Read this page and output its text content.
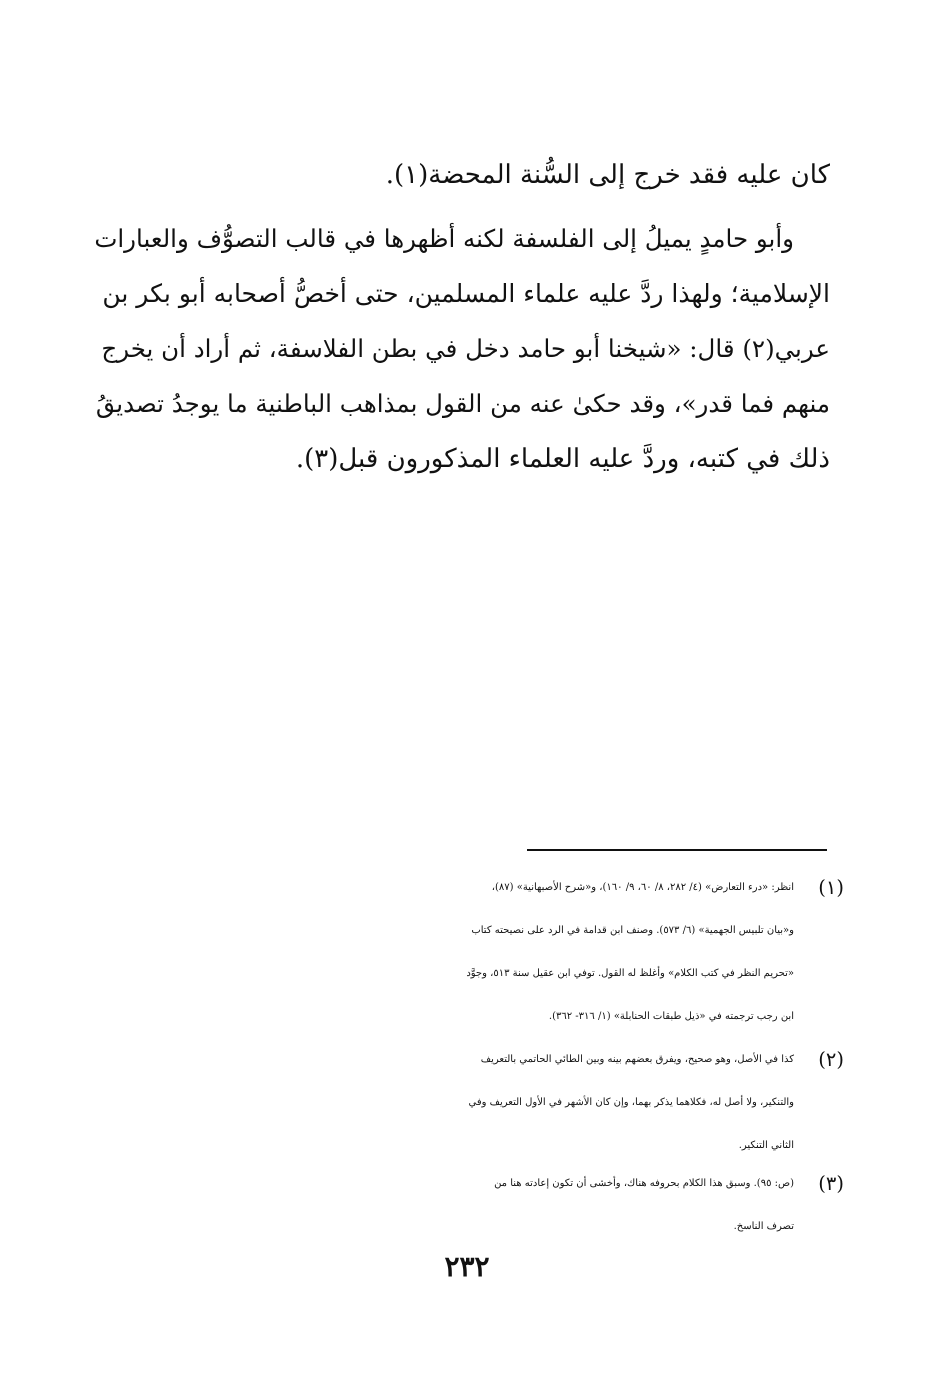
كان عليه فقد خرج إلى السُّنة المحضة(١).
وأبو حامدٍ يميلُ إلى الفلسفة لكنه أظهرها في قالب التصوُّف والعبارات
الإسلامية؛ ولهذا ردَّ عليه علماء المسلمين، حتى أخصُّ أصحابه أبو بكر بن
عربي(٢) قال: «شيخنا أبو حامد دخل في بطن الفلاسفة، ثم أراد أن يخرج
منهم فما قدر»، وقد حكىٰ عنه من القول بمذاهب الباطنية ما يوجدُ تصديقُ
ذلك في كتبه، وردَّ عليه العلماء المذكورون قبل(٣).
(١)
انظر: «درء التعارض» (٤/ ٢٨٢، ٨/ ٦٠، ٩/ ١٦٠)، و«شرح الأصبهانية» (٨٧)،
و«بيان تلبيس الجهمية» (٦/ ٥٧٣). وصنف ابن قدامة في الرد على نصيحته كتاب
«تحريم النظر في كتب الكلام» وأغلظ له القول. توفي ابن عقيل سنة ٥١٣، وجوَّد
ابن رجب ترجمته في «ذيل طبقات الحنابلة» (١/ ٣١٦- ٣٦٢).
(٢)
كذا في الأصل، وهو صحيح، ويفرق بعضهم بينه وبين الطائي الحاتمي بالتعريف
والتنكير، ولا أصل له، فكلاهما يذكر بهما، وإن كان الأشهر في الأول التعريف وفي
الثاني التنكير.
(٣)
(ص: ٩٥). وسبق هذا الكلام بحروفه هناك، وأخشى أن تكون إعادته هنا من
تصرف الناسخ.
٢٣٢
